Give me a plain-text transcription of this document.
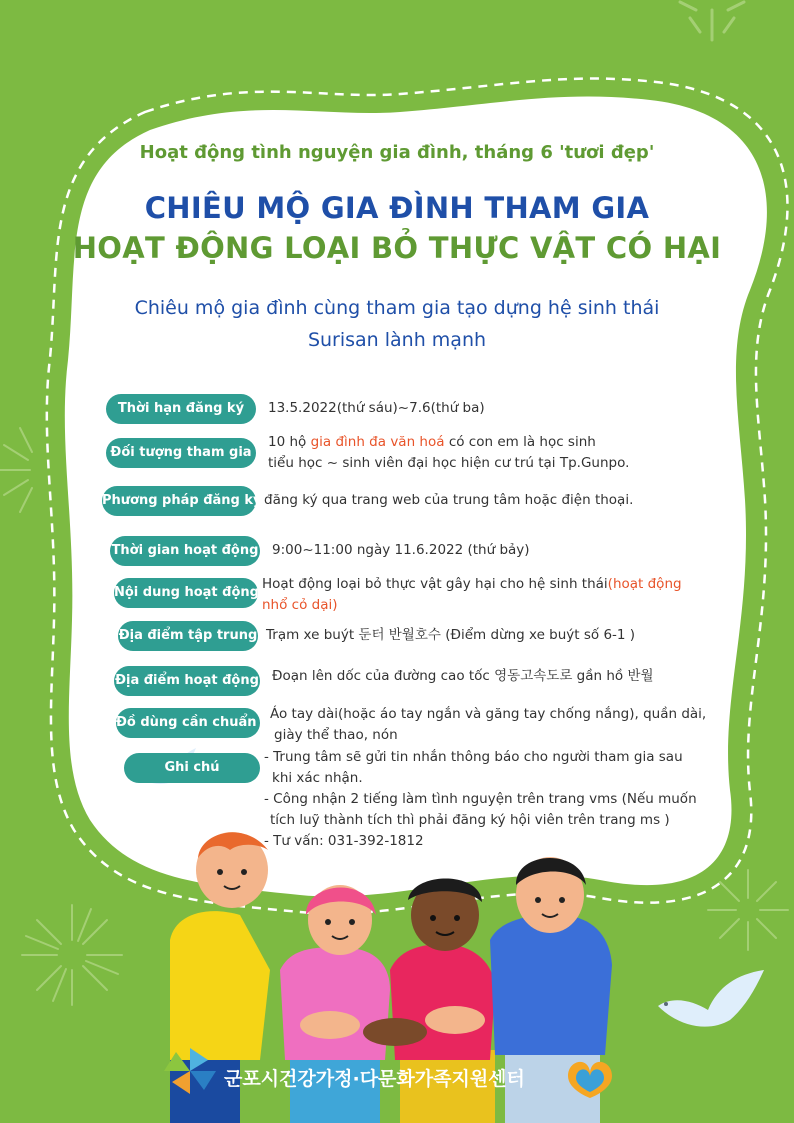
Hoạt động tình nguyện gia đình, tháng 6 'tươi đẹp'

CHIÊU MỘ GIA ĐÌNH THAM GIA

HOẠT ĐỘNG LOẠI BỎ THỰC VẬT CÓ HẠI

Chiêu mộ gia đình cùng tham gia tạo dựng hệ sinh thái
Surisan lành mạnh
Thời hạn đăng ký	13.5.2022(thứ sáu)~7.6(thứ ba)
Đối tượng tham gia
10 hộ gia đình đa văn hoá có con em là học sinh
tiểu học ~ sinh viên đại học hiện cư trú tại Tp.Gunpo.
Phương pháp đăng ký đăng ký qua trang web của trung tâm hoặc điện thoại.
Thời gian hoạt động 9:00~11:00 ngày 11.6.2022 (thứ bảy)
Nội dung hoạt động
Hoạt động loại bỏ thực vật gây hại cho hệ sinh thái(hoạt động
nhổ cỏ dại)
Địa điểm tập trung Trạm xe buýt 둔터 반월호수 (Điểm dừng xe buýt số 6-1 )
Địa điểm hoạt động Đoạn lên dốc của đường cao tốc 영동고속도로 gần hồ 반월
Đồ dùng cần chuẩn bị
Áo tay dài(hoặc áo tay ngắn và găng tay chống nắng), quần dài,
giày thể thao, nón
Ghi chú
- Trung tâm sẽ gửi tin nhắn thông báo cho người tham gia sau
khi xác nhận.
- Công nhận 2 tiếng làm tình nguyện trên trang vms (Nếu muốn
tích luỹ thành tích thì phải đăng ký hội viên trên trang ms )
- Tư vấn: 031-392-1812
군포시건강가정·다문화가족지원센터
